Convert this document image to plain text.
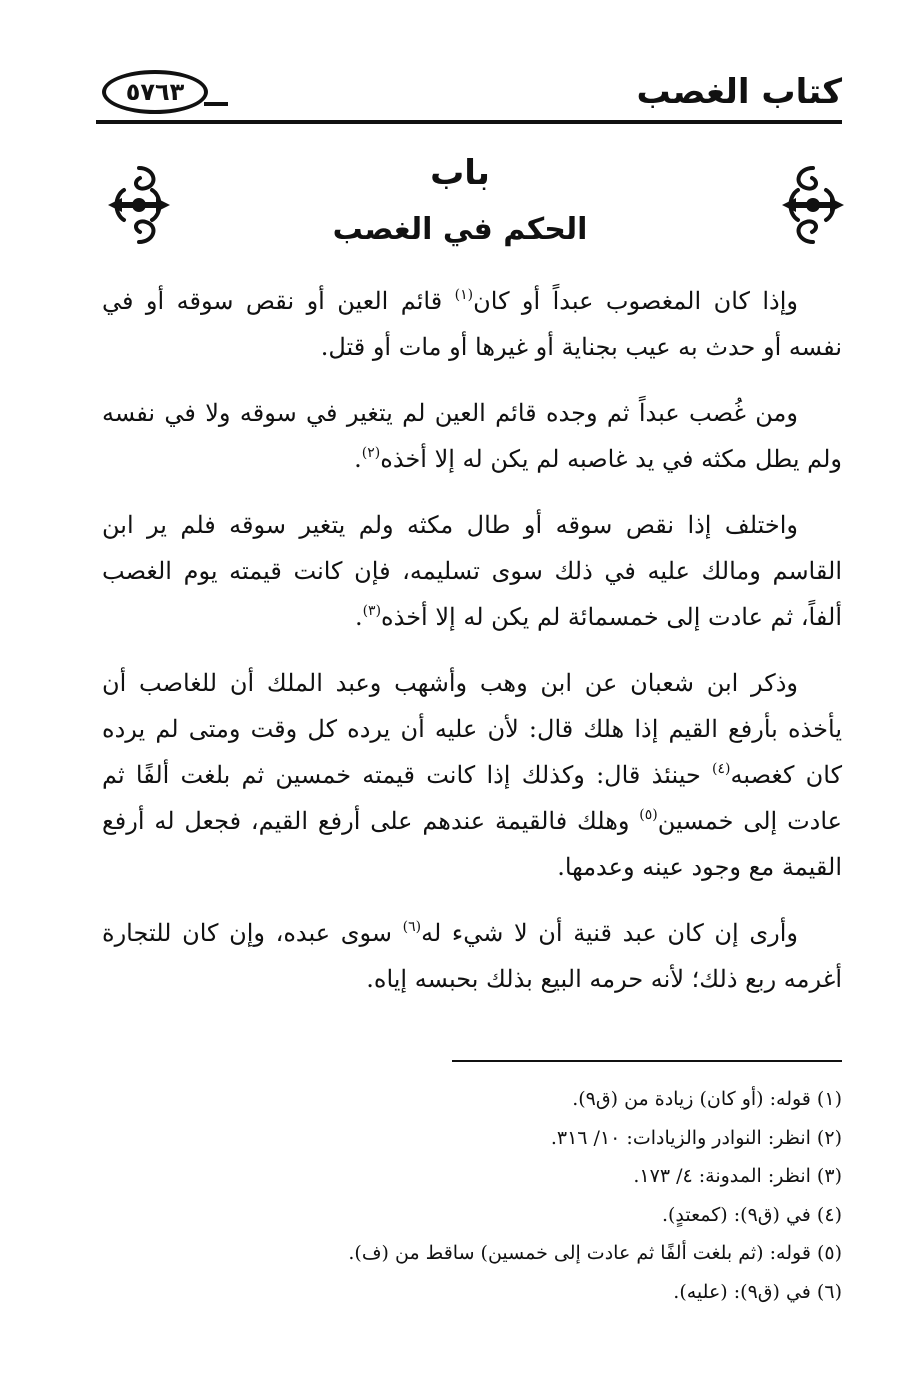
كتاب الغصب
٥٧٦٣
باب
الحكم في الغصب

وإذا كان المغصوب عبداً أو كان$^{(١)}$ قائم العين أو نقص سوقه أو في نفسه أو حدث به عيب بجناية أو غيرها أو مات أو قتل.

ومن غُصب عبداً ثم وجده قائم العين لم يتغير في سوقه ولا في نفسه ولم يطل مكثه في يد غاصبه لم يكن له إلا أخذه$^{(٢)}$.

واختلف إذا نقص سوقه أو طال مكثه ولم يتغير سوقه فلم ير ابن القاسم ومالك عليه في ذلك سوى تسليمه، فإن كانت قيمته يوم الغصب ألفاً، ثم عادت إلى خمسمائة لم يكن له إلا أخذه$^{(٣)}$.

وذكر ابن شعبان عن ابن وهب وأشهب وعبد الملك أن للغاصب أن يأخذه بأرفع القيم إذا هلك قال: لأن عليه أن يرده كل وقت ومتى لم يرده كان كغصبه$^{(٤)}$ حينئذ قال: وكذلك إذا كانت قيمته خمسين ثم بلغت ألفًا ثم عادت إلى خمسين$^{(٥)}$ وهلك فالقيمة عندهم على أرفع القيم، فجعل له أرفع القيمة مع وجود عينه وعدمها.

وأرى إن كان عبد قنية أن لا شيء له$^{(٦)}$ سوى عبده، وإن كان للتجارة أغرمه ربع ذلك؛ لأنه حرمه البيع بذلك بحبسه إياه.

(١) قوله: (أو كان) زيادة من (ق٩).
(٢) انظر: النوادر والزيادات: ١٠/ ٣١٦.
(٣) انظر: المدونة: ٤/ ١٧٣.
(٤) في (ق٩): (كمعتدٍ).
(٥) قوله: (ثم بلغت ألفًا ثم عادت إلى خمسين) ساقط من (ف).
(٦) في (ق٩): (عليه).
